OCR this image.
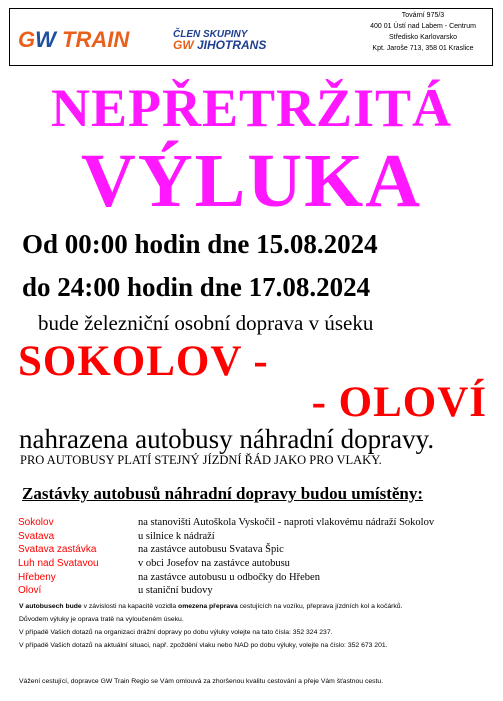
GW TRAIN	ČLEN SKUPINY
GW JIHOTRANS
Tovární 975/3
400 01 Ústí nad Labem - Centrum
Středisko Karlovarsko
Kpt. Jaroše 713, 358 01 Kraslice
NEPŘETRŽITÁ
VÝLUKA
Od 00:00 hodin dne 15.08.2024
do 24:00 hodin dne 17.08.2024
bude železniční osobní doprava v úseku
SOKOLOV -
- OLOVÍ
nahrazena autobusy náhradní dopravy.
PRO AUTOBUSY PLATÍ STEJNÝ JÍZDNÍ ŘÁD JAKO PRO VLAKY.
Zastávky autobusů náhradní dopravy budou umístěny:
Sokolov	na stanovišti Autoškola Vyskočil - naproti vlakovému nádraží Sokolov
Svatava	u silnice k nádraží
Svatava zastávka	na zastávce autobusu Svatava Špic
Luh nad Svatavou	v obci Josefov na zastávce autobusu
Hřebeny	na zastávce autobusu u odbočky do Hřeben
Oloví	u staniční budovy
V autobusech bude v závislosti na kapacitě vozidla omezena přeprava cestujících na vozíku, přeprava jízdních kol a kočárků.
Důvodem výluky je oprava tratě na vyloučeném úseku.
V případě Vašich dotazů na organizaci drážní dopravy po dobu výluky volejte na tato čísla: 352 324 237.
V případě Vašich dotazů na aktuální situaci, např. zpoždění vlaku nebo NAD po dobu výluky, volejte na číslo: 352 673 201.
Vážení cestující, dopravce GW Train Regio se Vám omlouvá za zhoršenou kvalitu cestování a přeje Vám šťastnou cestu.
